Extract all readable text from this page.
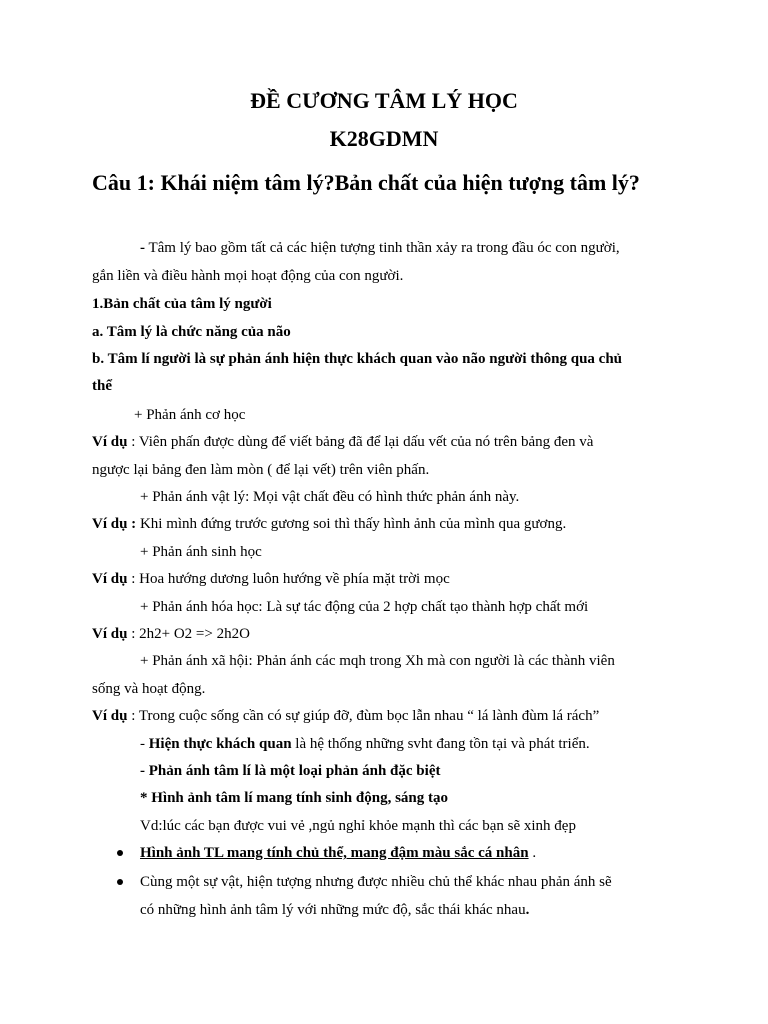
ĐỀ CƯƠNG TÂM LÝ HỌC
K28GDMN
Câu 1: Khái niệm tâm lý?Bản chất của hiện tượng tâm lý?
- Tâm lý bao gồm tất cả các hiện tượng tinh thần xảy ra trong đầu óc con người,
gắn liền và điều hành mọi hoạt động của con người.
1.Bản chất của tâm lý người
a. Tâm lý là chức năng của não
b. Tâm lí người là sự phản ánh hiện thực khách quan vào não người thông qua chủ
thể
+ Phản ánh cơ học
Ví dụ : Viên phấn được dùng để viết bảng đã để lại dấu vết của nó trên bảng đen và
ngược lại bảng đen làm mòn ( để lại vết) trên viên phấn.
+ Phản ánh vật lý: Mọi vật chất đều có hình thức phản ánh này.
Ví dụ : Khi mình đứng trước gương soi thì thấy hình ảnh của mình qua gương.
+ Phản ánh sinh học
Ví dụ : Hoa hướng dương luôn hướng về phía mặt trời mọc
+ Phản ánh hóa học: Là sự tác động của 2 hợp chất tạo thành hợp chất mới
Ví dụ : 2h2+ O2 => 2h2O
+ Phản ánh xã hội: Phản ánh các mqh trong Xh mà con người là các thành viên
sống và hoạt động.
Ví dụ : Trong cuộc sống cần có sự giúp đỡ, đùm bọc lẫn nhau “ lá lành đùm lá rách”
- Hiện thực khách quan là hệ thống những svht đang tồn tại và phát triển.
- Phản ánh tâm lí là một loại phản ánh đặc biệt
* Hình ảnh tâm lí mang tính sinh động, sáng tạo
Vd:lúc các bạn được vui vẻ ,ngủ nghỉ khỏe mạnh thì các bạn sẽ xinh đẹp
Hình ảnh TL mang tính chủ thể, mang đậm màu sắc cá nhân .
Cùng một sự vật, hiện tượng nhưng được nhiều chủ thể khác nhau phản ánh sẽ
có những hình ảnh tâm lý với những mức độ, sắc thái khác nhau.
